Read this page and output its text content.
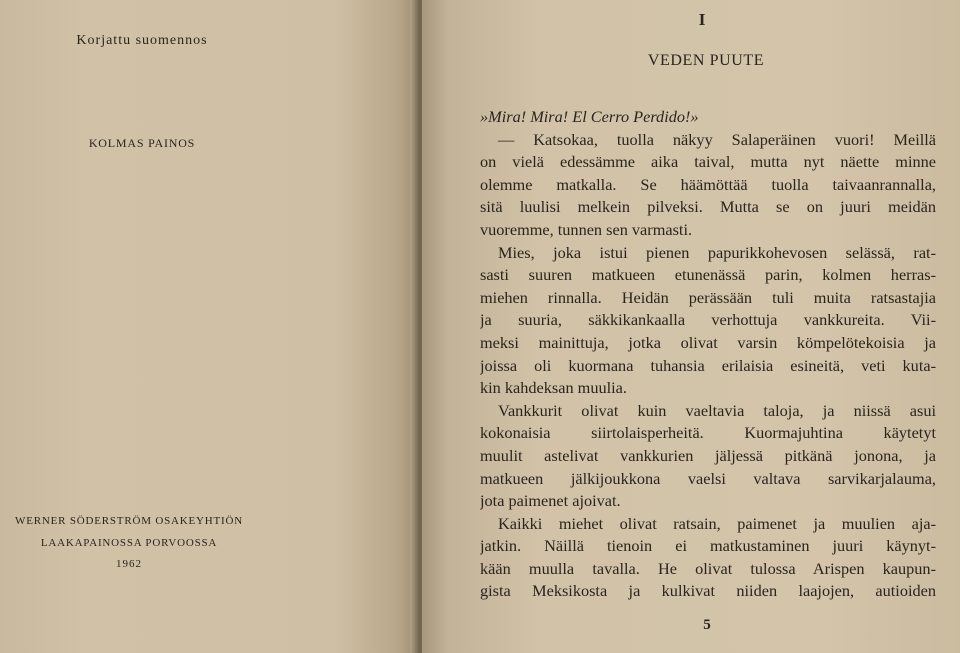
Korjattu suomennos
KOLMAS PAINOS
WERNER SÖDERSTRÖM OSAKEYHTIÖN
LAAKAPAINOSSA PORVOOSSA
1962
I
VEDEN PUUTE
»Mira! Mira! El Cerro Perdido!»
— Katsokaa, tuolla näkyy Salaperäinen vuori! Meillä
on vielä edessämme aika taival, mutta nyt näette minne
olemme matkalla. Se häämöttää tuolla taivaanrannalla,
sitä luulisi melkein pilveksi. Mutta se on juuri meidän
vuoremme, tunnen sen varmasti.
Mies, joka istui pienen papurikkohevosen selässä, rat-
sasti suuren matkueen etunenässä parin, kolmen herras-
miehen rinnalla. Heidän perässään tuli muita ratsastajia
ja suuria, säkkikankaalla verhottuja vankkureita. Vii-
meksi mainittuja, jotka olivat varsin kömpelötekoisia ja
joissa oli kuormana tuhansia erilaisia esineitä, veti kuta-
kin kahdeksan muulia.
Vankkurit olivat kuin vaeltavia taloja, ja niissä asui
kokonaisia siirtolaisperheitä. Kuormajuhtina käytetyt
muulit astelivat vankkurien jäljessä pitkänä jonona, ja
matkueen jälkijoukkona vaelsi valtava sarvikarjalauma,
jota paimenet ajoivat.
Kaikki miehet olivat ratsain, paimenet ja muulien aja-
jatkin. Näillä tienoin ei matkustaminen juuri käynyt-
kään muulla tavalla. He olivat tulossa Arispen kaupun-
gista Meksikosta ja kulkivat niiden laajojen, autioiden
5
